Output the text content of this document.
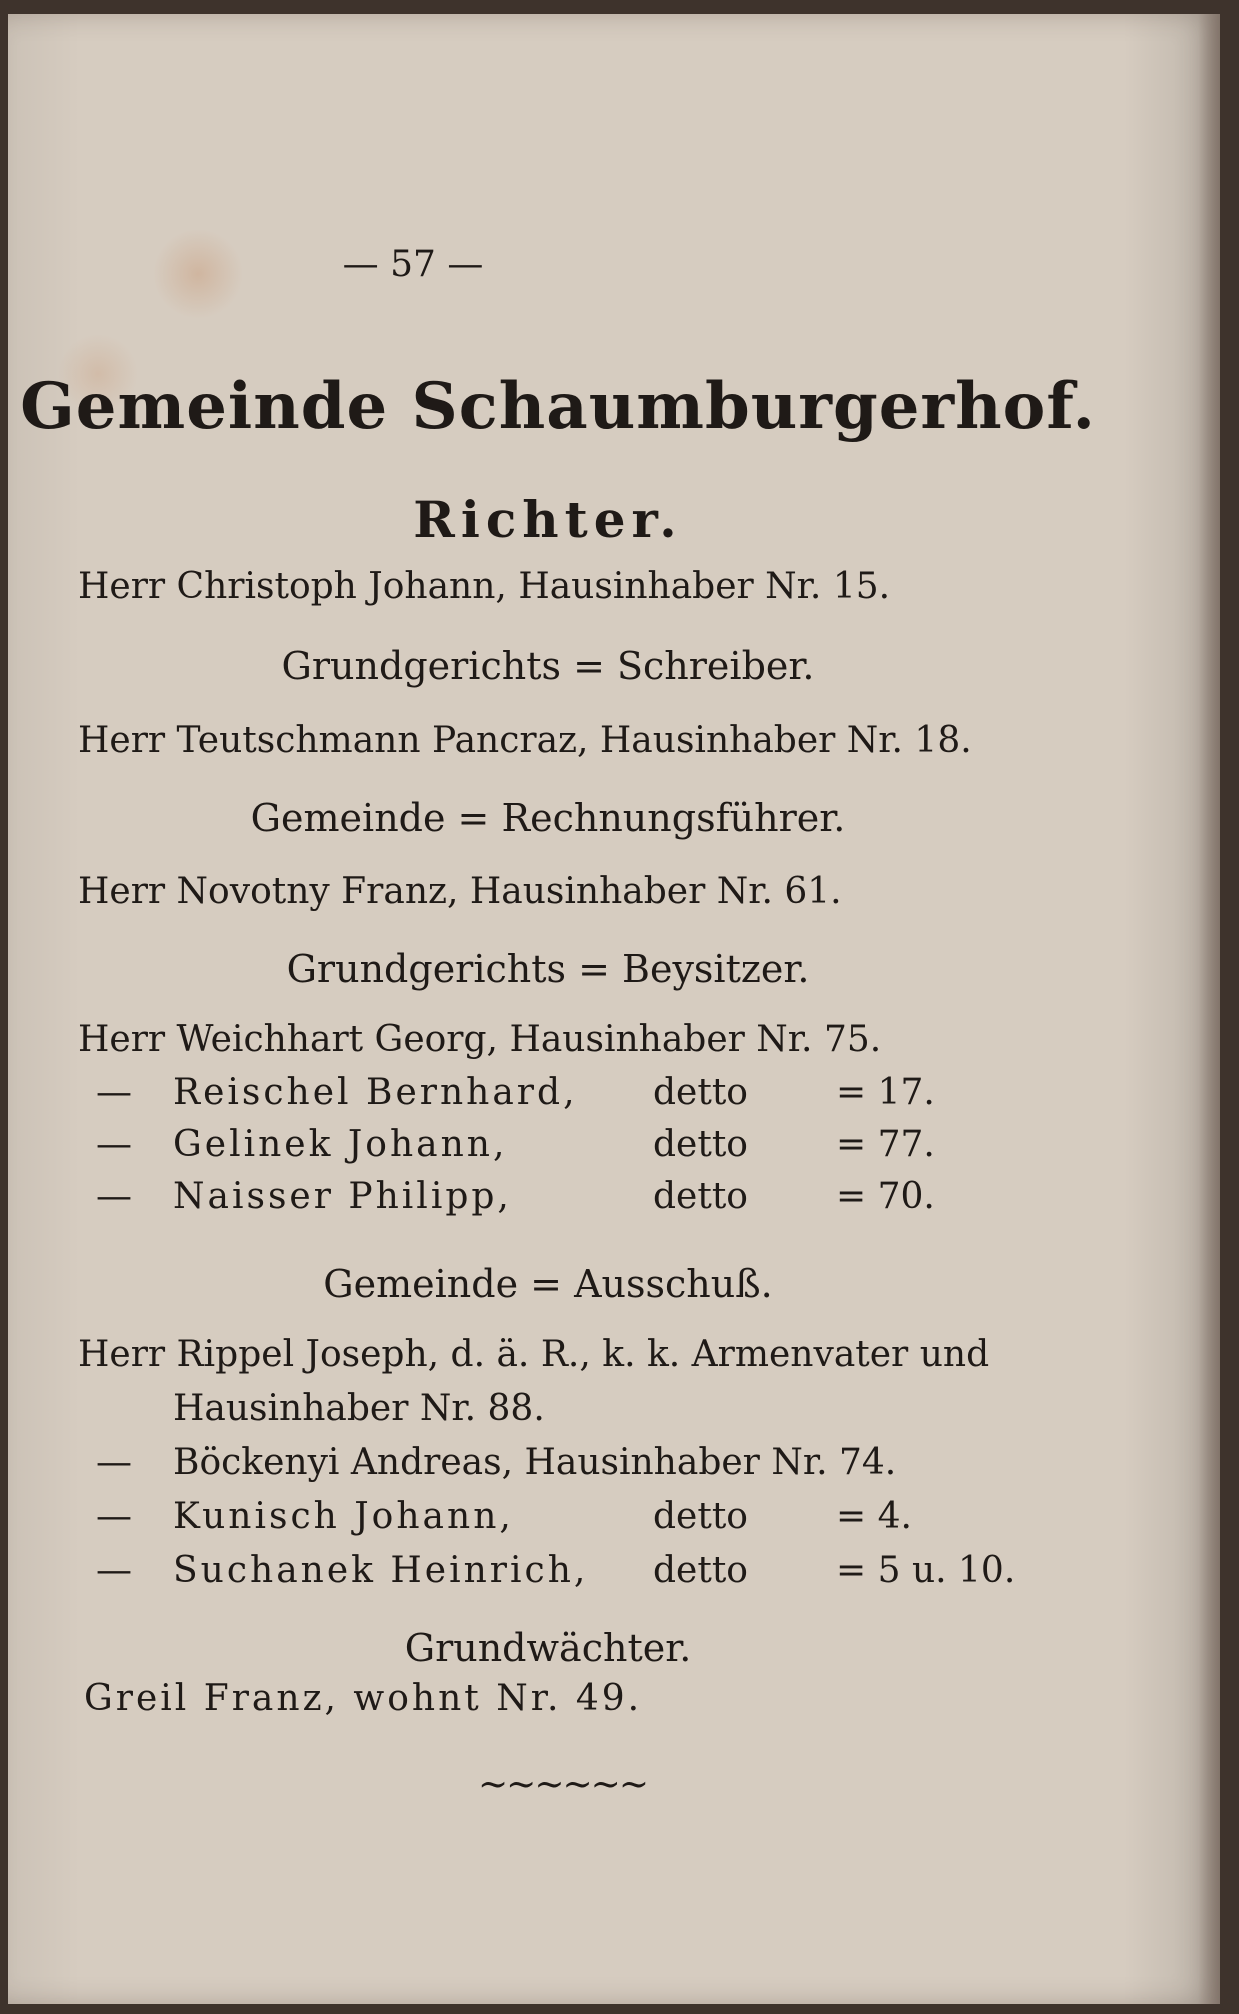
— 57 —
Gemeinde Schaumburgerhof.
Richter.
Herr Christoph Johann, Hausinhaber Nr. 15.
Grundgerichts = Schreiber.
Herr Teutschmann Pancraz, Hausinhaber Nr. 18.
Gemeinde = Rechnungsführer.
Herr Novotny Franz, Hausinhaber Nr. 61.
Grundgerichts = Beysitzer.
Herr Weichhart Georg, Hausinhaber Nr. 75.
— Reischel Bernhard, detto = 17.
— Gelinek Johann,	detto = 77.
— Naisser Philipp,	detto = 70.
Gemeinde = Ausschuß.
Herr Rippel Joseph, d. ä. R., k. k. Armenvater und
Hausinhaber Nr. 88.
— Böckenyi Andreas, Hausinhaber Nr. 74.
— Kunisch Johann,	detto = 4.
— Suchanek Heinrich, detto = 5 u. 10.
Grundwächter.
Greil Franz, wohnt Nr. 49.
~~~~~~
